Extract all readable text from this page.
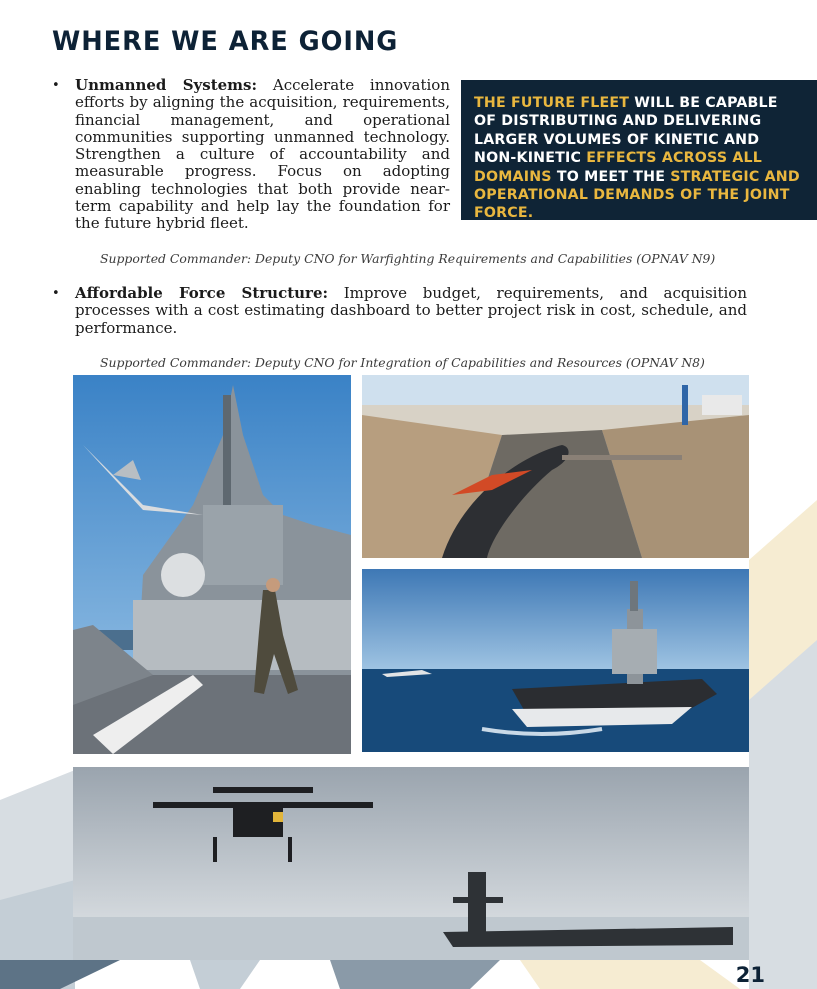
WHERE WE ARE GOING
• Unmanned Systems: Accelerate innovation efforts by aligning the acquisition, requirements, financial management, and operational communities supporting unmanned technology. Strengthen a culture of accountability and measurable progress. Focus on adopting enabling technologies that both provide near-term capability and help lay the foundation for the future hybrid fleet.
Supported Commander: Deputy CNO for Warfighting Requirements and Capabilities (OPNAV N9)
THE FUTURE FLEET WILL BE CAPABLE OF DISTRIBUTING AND DELIVERING LARGER VOLUMES OF KINETIC AND NON-KINETIC EFFECTS ACROSS ALL DOMAINS TO MEET THE STRATEGIC AND OPERATIONAL DEMANDS OF THE JOINT FORCE.
• Affordable Force Structure: Improve budget, requirements, and acquisition processes with a cost estimating dashboard to better project risk in cost, schedule, and performance.
Supported Commander: Deputy CNO for Integration of Capabilities and Resources (OPNAV N8)
21
